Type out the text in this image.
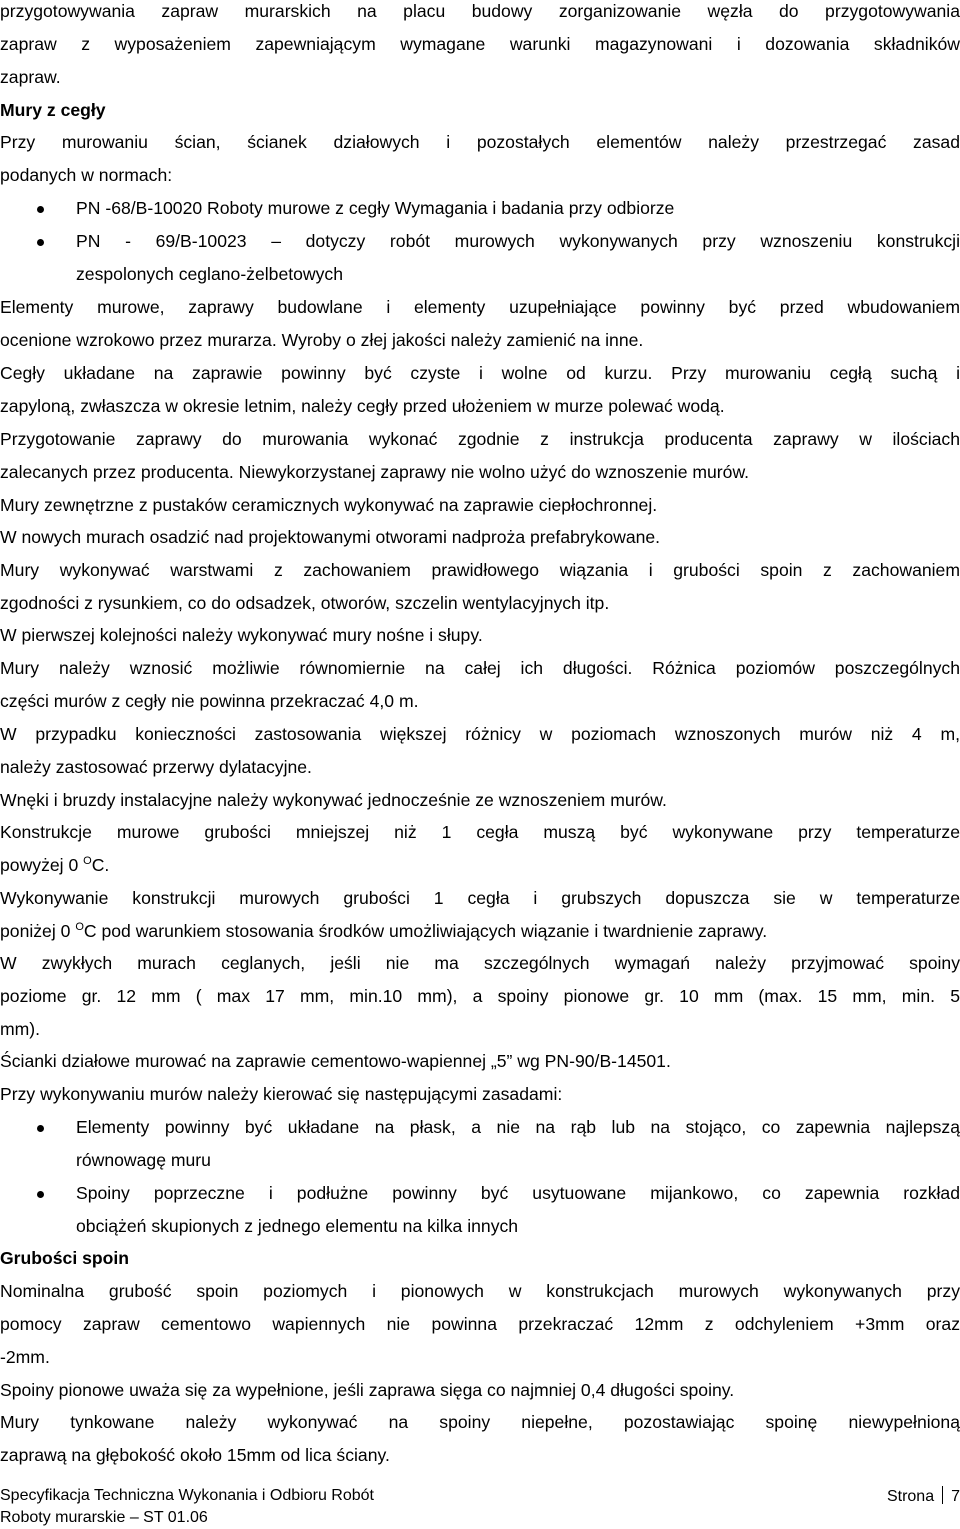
przygotowywania zapraw murarskich na placu budowy zorganizowanie węzła do przygotowywania
zapraw z wyposażeniem zapewniającym wymagane warunki magazynowani i dozowania składników
zapraw.
Mury z cegły
Przy murowaniu ścian, ścianek działowych i pozostałych elementów należy przestrzegać zasad
podanych w normach:
PN -68/B-10020 Roboty murowe z cegły Wymagania i badania przy odbiorze
PN - 69/B-10023 – dotyczy robót murowych wykonywanych przy wznoszeniu konstrukcji
zespolonych ceglano-żelbetowych
Elementy murowe, zaprawy budowlane i elementy uzupełniające powinny być przed wbudowaniem
ocenione wzrokowo przez murarza. Wyroby o złej jakości należy zamienić na inne.
Cegły układane na zaprawie powinny być czyste i wolne od kurzu. Przy murowaniu cegłą suchą i
zapyloną, zwłaszcza w okresie letnim, należy cegły przed ułożeniem w murze polewać wodą.
Przygotowanie zaprawy do murowania wykonać zgodnie z instrukcja producenta zaprawy w ilościach
zalecanych przez producenta. Niewykorzystanej zaprawy nie wolno użyć do wznoszenie murów.
Mury zewnętrzne z pustaków ceramicznych wykonywać na zaprawie ciepłochronnej.
W nowych murach osadzić nad projektowanymi otworami nadproża prefabrykowane.
Mury wykonywać warstwami z zachowaniem prawidłowego wiązania i grubości spoin z zachowaniem
zgodności z rysunkiem, co do odsadzek, otworów, szczelin wentylacyjnych itp.
W pierwszej kolejności należy wykonywać mury nośne i słupy.
Mury należy wznosić możliwie równomiernie na całej ich długości. Różnica poziomów poszczególnych
części murów z cegły nie powinna przekraczać 4,0 m.
W przypadku konieczności zastosowania większej różnicy w poziomach wznoszonych murów niż 4 m,
należy zastosować przerwy dylatacyjne.
Wnęki i bruzdy instalacyjne należy wykonywać jednocześnie ze wznoszeniem murów.
Konstrukcje murowe grubości mniejszej niż 1 cegła muszą być wykonywane przy temperaturze
powyżej 0 $^O$C.
Wykonywanie konstrukcji murowych grubości 1 cegła i grubszych dopuszcza sie w temperaturze
poniżej 0 $^O$C pod warunkiem stosowania środków umożliwiających wiązanie i twardnienie zaprawy.
W zwykłych murach ceglanych, jeśli nie ma szczególnych wymagań należy przyjmować spoiny
poziome gr. 12 mm ( max 17 mm, min.10 mm), a spoiny pionowe gr. 10 mm (max. 15 mm, min. 5
mm).
Ścianki działowe murować na zaprawie cementowo-wapiennej „5” wg PN-90/B-14501.
Przy wykonywaniu murów należy kierować się następującymi zasadami:
Elementy powinny być układane na płask, a nie na rąb lub na stojąco, co zapewnia najlepszą
równowagę muru
Spoiny poprzeczne i podłużne powinny być usytuowane mijankowo, co zapewnia rozkład
obciążeń skupionych z jednego elementu na kilka innych
Grubości spoin
Nominalna grubość spoin poziomych i pionowych w konstrukcjach murowych wykonywanych przy
pomocy zapraw cementowo wapiennych nie powinna przekraczać 12mm z odchyleniem +3mm oraz
-2mm.
Spoiny pionowe uważa się za wypełnione, jeśli zaprawa sięga co najmniej 0,4 długości spoiny.
Mury tynkowane należy wykonywać na spoiny niepełne, pozostawiając spoinę niewypełnioną
zaprawą na głębokość około 15mm od lica ściany.
Specyfikacja Techniczna Wykonania i Odbioru Robót	Strona 7
Roboty murarskie – ST 01.06
